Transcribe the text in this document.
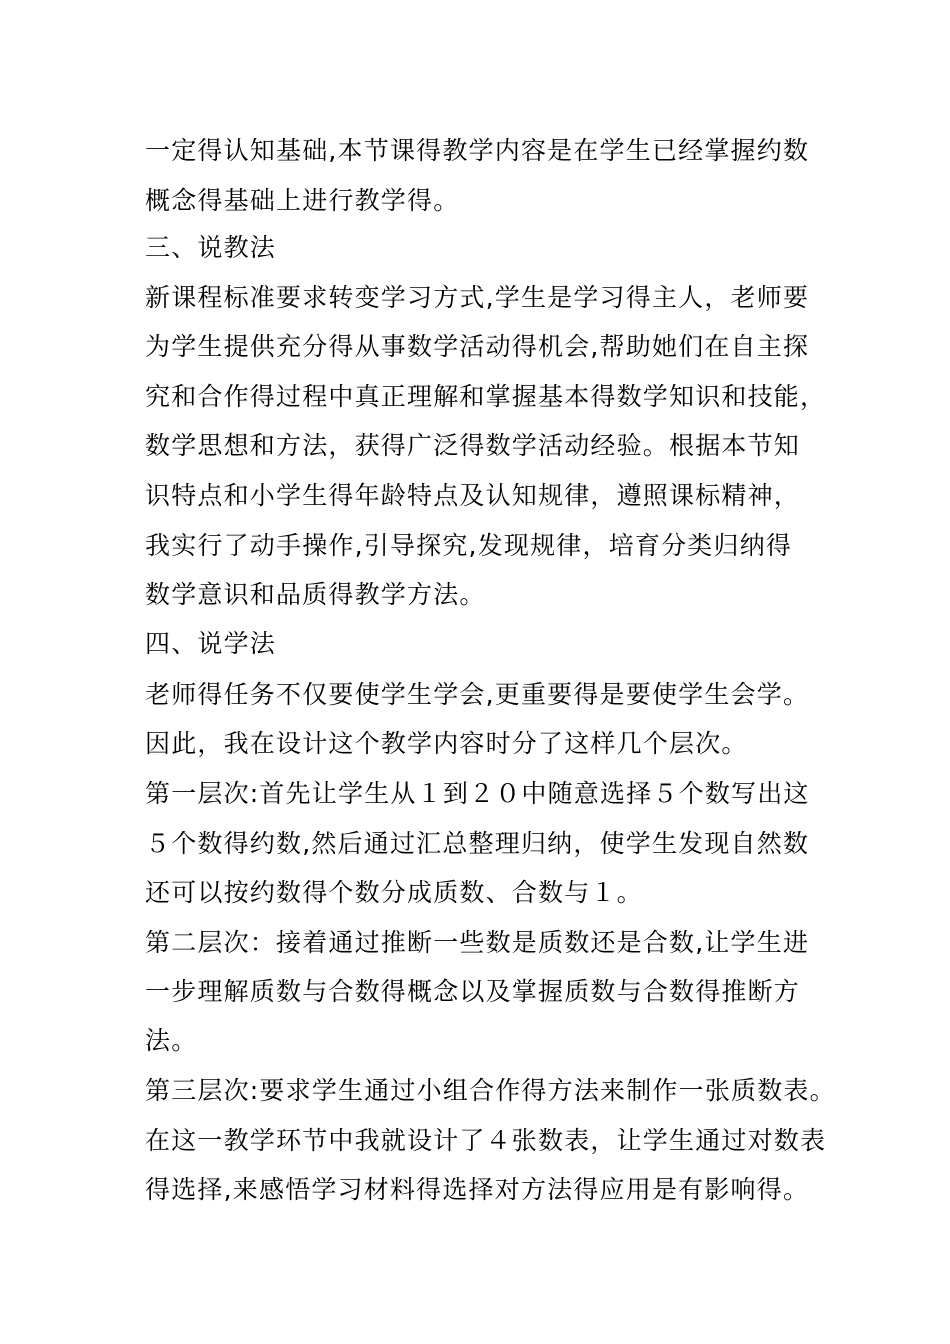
一定得认知基础,本节课得教学内容是在学生已经掌握约数
概念得基础上进行教学得。
三、说教法
新课程标准要求转变学习方式,学生是学习得主人，老师要
为学生提供充分得从事数学活动得机会,帮助她们在自主探
究和合作得过程中真正理解和掌握基本得数学知识和技能，
数学思想和方法，获得广泛得数学活动经验。根据本节知
识特点和小学生得年龄特点及认知规律，遵照课标精神，
我实行了动手操作,引导探究,发现规律，培育分类归纳得
数学意识和品质得教学方法。
四、说学法
老师得任务不仅要使学生学会,更重要得是要使学生会学。
因此，我在设计这个教学内容时分了这样几个层次。
第一层次:首先让学生从１到２０中随意选择５个数写出这
５个数得约数,然后通过汇总整理归纳，使学生发现自然数
还可以按约数得个数分成质数、合数与１。
第二层次：接着通过推断一些数是质数还是合数,让学生进
一步理解质数与合数得概念以及掌握质数与合数得推断方
法。
第三层次:要求学生通过小组合作得方法来制作一张质数表。
在这一教学环节中我就设计了４张数表，让学生通过对数表
得选择,来感悟学习材料得选择对方法得应用是有影响得。
